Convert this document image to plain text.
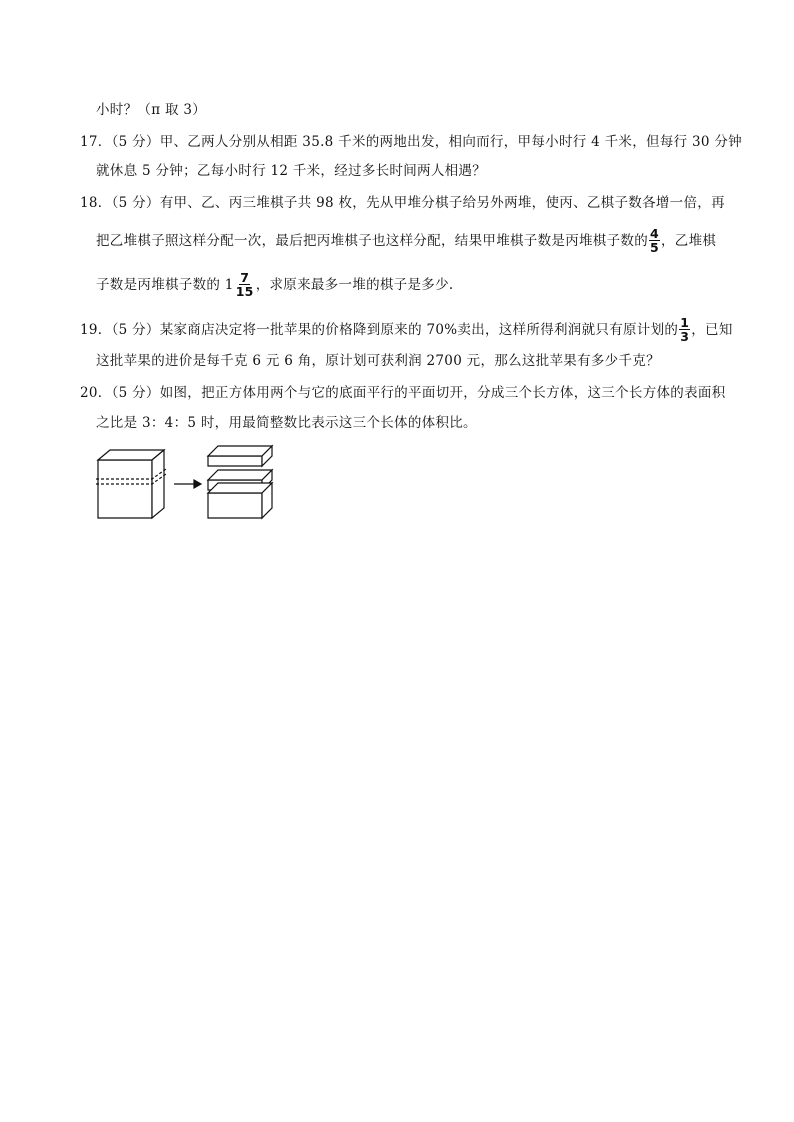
小时？（π 取 3）
17．（5 分）甲、乙两人分别从相距 35.8 千米的两地出发，相向而行，甲每小时行 4 千米，但每行 30 分钟
就休息 5 分钟；乙每小时行 12 千米，经过多长时间两人相遇？
18．（5 分）有甲、乙、丙三堆棋子共 98 枚，先从甲堆分棋子给另外两堆，使丙、乙棋子数各增一倍，再
把乙堆棋子照这样分配一次，最后把丙堆棋子也这样分配，结果甲堆棋子数是丙堆棋子数的 $\frac{4}{5}$ ，乙堆棋
子数是丙堆棋子数的 $1 \frac{7}{15}$ ，求原来最多一堆的棋子是多少.
19．（5 分）某家商店决定将一批苹果的价格降到原来的 70%卖出，这样所得利润就只有原计划的 $\frac{1}{3}$ ，已知
这批苹果的进价是每千克 6 元 6 角，原计划可获利润 2700 元，那么这批苹果有多少千克？
20．（5 分）如图，把正方体用两个与它的底面平行的平面切开，分成三个长方体，这三个长方体的表面积
之比是 3：4：5 时，用最简整数比表示这三个长体的体积比。
